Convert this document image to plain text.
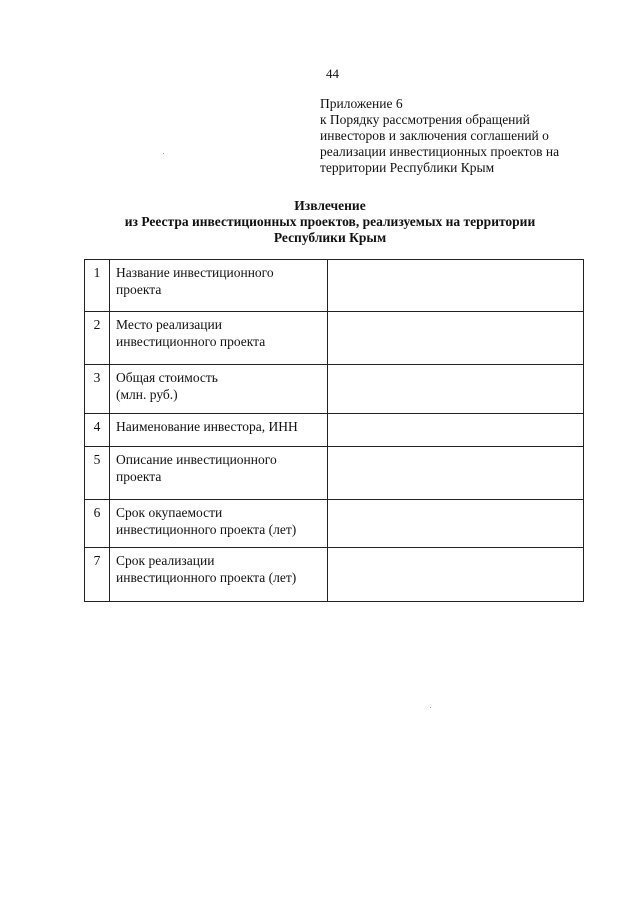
44
Приложение 6
к Порядку рассмотрения обращений
инвесторов и заключения соглашений о
реализации инвестиционных проектов на
территории Республики Крым
Извлечение
из Реестра инвестиционных проектов, реализуемых на территории
Республики Крым
1	Название инвестиционного
проекта	

2	Место реализации
инвестиционного проекта	

3	Общая стоимость
(млн. руб.)	

4	Наименование инвестора, ИНН	

5	Описание инвестиционного
проекта	

6	Срок окупаемости
инвестиционного проекта (лет)	

7	Срок реализации
инвестиционного проекта (лет)	
